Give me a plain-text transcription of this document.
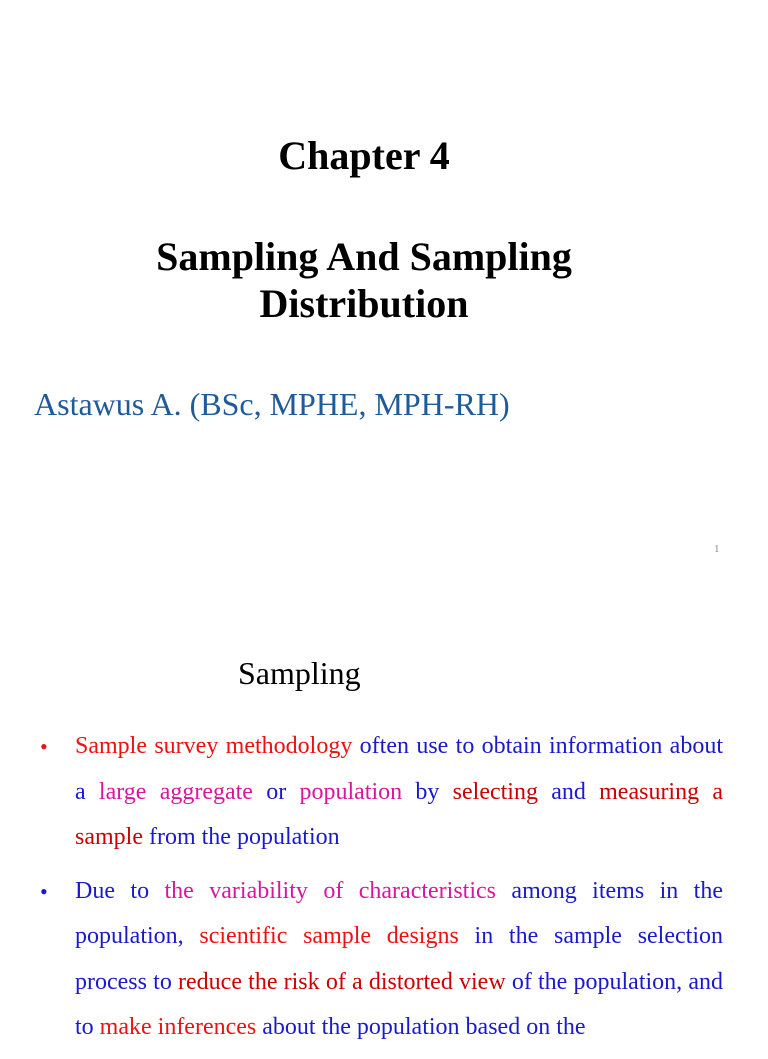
Chapter 4
Sampling And Sampling
Distribution
Astawus A. (BSc, MPHE, MPH-RH)
1
Sampling
• Sample survey methodology often use to obtain information about a large aggregate or population by selecting and measuring a sample from the population
• Due to the variability of characteristics among items in the population, scientific sample designs in the sample selection process to reduce the risk of a distorted view of the population, and to make inferences about the population based on the
